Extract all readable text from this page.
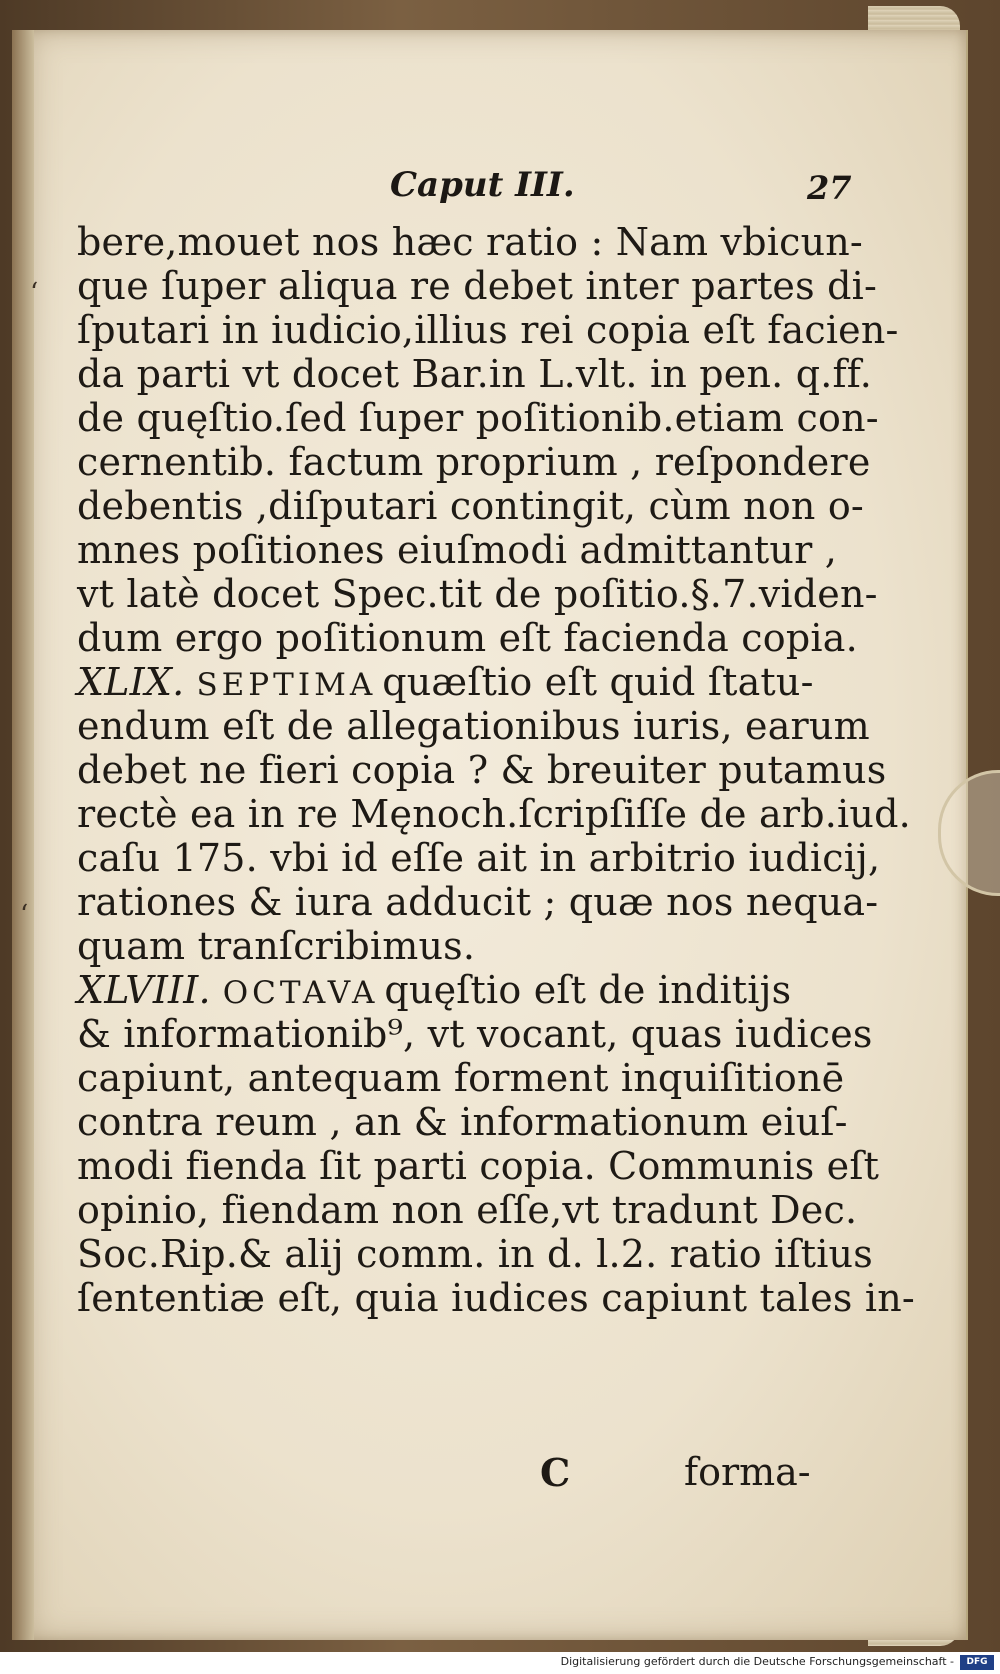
Caput III.	27
bere,mouet nos hæc ratio : Nam vbicun-
que ſuper aliqua re debet inter partes di-
ſputari in iudicio,illius rei copia eſt facien-
da parti vt docet Bar.in L.vlt. in pen. q.ff.
de quęſtio.ſed ſuper poſitionib.etiam con-
cernentib. factum proprium , reſpondere
debentis ,diſputari contingit, cùm non o-
mnes poſitiones eiuſmodi admittantur ,
vt latè docet Spec.tit de poſitio.§.7.viden-
dum ergo poſitionum eſt facienda copia.
XLIX. SEPTIMA quæſtio eſt quid ſtatu-
endum eſt de allegationibus iuris, earum
debet ne fieri copia ? & breuiter putamus
rectè ea in re Męnoch.ſcripſiſſe de arb.iud.
caſu 175. vbi id eſſe ait in arbitrio iudicij,
rationes & iura adducit ; quæ nos nequa-
quam tranſcribimus.
XLVIII. OCTAVA quęſtio eſt de inditijs
& informationib⁹, vt vocant, quas iudices
capiunt, antequam forment inquiſitionē
contra reum , an & informationum eiuſ-
modi fienda ſit parti copia. Communis eſt
opinio, fiendam non eſſe,vt tradunt Dec.
Soc.Rip.& alij comm. in d. l.2. ratio iſtius
ſententiæ eſt, quia iudices capiunt tales in-
C	forma-
ʻ
ʻ
Digitalisierung gefördert durch die Deutsche Forschungsgemeinschaft -	DFG
